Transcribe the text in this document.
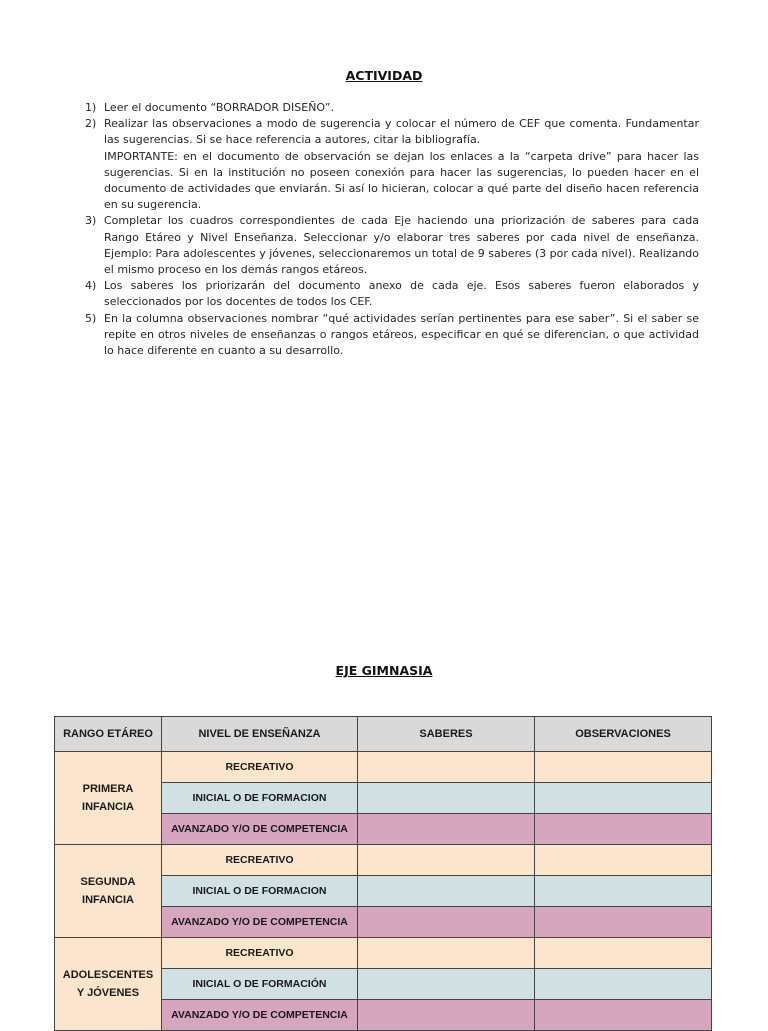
ACTIVIDAD
1) Leer el documento “BORRADOR DISEÑO”.

2) Realizar las observaciones a modo de sugerencia y colocar el número de CEF que comenta. Fundamentar las sugerencias. Si se hace referencia a autores, citar la bibliografía.

IMPORTANTE: en el documento de observación se dejan los enlaces a la “carpeta drive” para hacer las sugerencias. Si en la institución no poseen conexión para hacer las sugerencias, lo pueden hacer en el documento de actividades que enviarán. Si así lo hicieran, colocar a qué parte del diseño hacen referencia en su sugerencia.

3) Completar los cuadros correspondientes de cada Eje haciendo una priorización de saberes para cada Rango Etáreo y Nivel Enseñanza. Seleccionar y/o elaborar tres saberes por cada nivel de enseñanza. Ejemplo: Para adolescentes y jóvenes, seleccionaremos un total de 9 saberes (3 por cada nivel). Realizando el mismo proceso en los demás rangos etáreos.

4) Los saberes los priorizarán del documento anexo de cada eje. Esos saberes fueron elaborados y seleccionados por los docentes de todos los CEF.

5) En la columna observaciones nombrar “qué actividades serían pertinentes para ese saber”. Si el saber se repite en otros niveles de enseñanzas o rangos etáreos, especificar en qué se diferencian, o que actividad lo hace diferente en cuanto a su desarrollo.

EJE GIMNASIA
RANGO ETÁREO	NIVEL DE ENSEÑANZA	SABERES	OBSERVACIONES
PRIMERA
INFANCIA	RECREATIVO		
	INICIAL O DE FORMACION		
	AVANZADO Y/O DE COMPETENCIA		
SEGUNDA
INFANCIA	RECREATIVO		
	INICIAL O DE FORMACION		
	AVANZADO Y/O DE COMPETENCIA		
ADOLESCENTES
Y JÓVENES	RECREATIVO		
	INICIAL O DE FORMACIÓN		
	AVANZADO Y/O DE COMPETENCIA		
